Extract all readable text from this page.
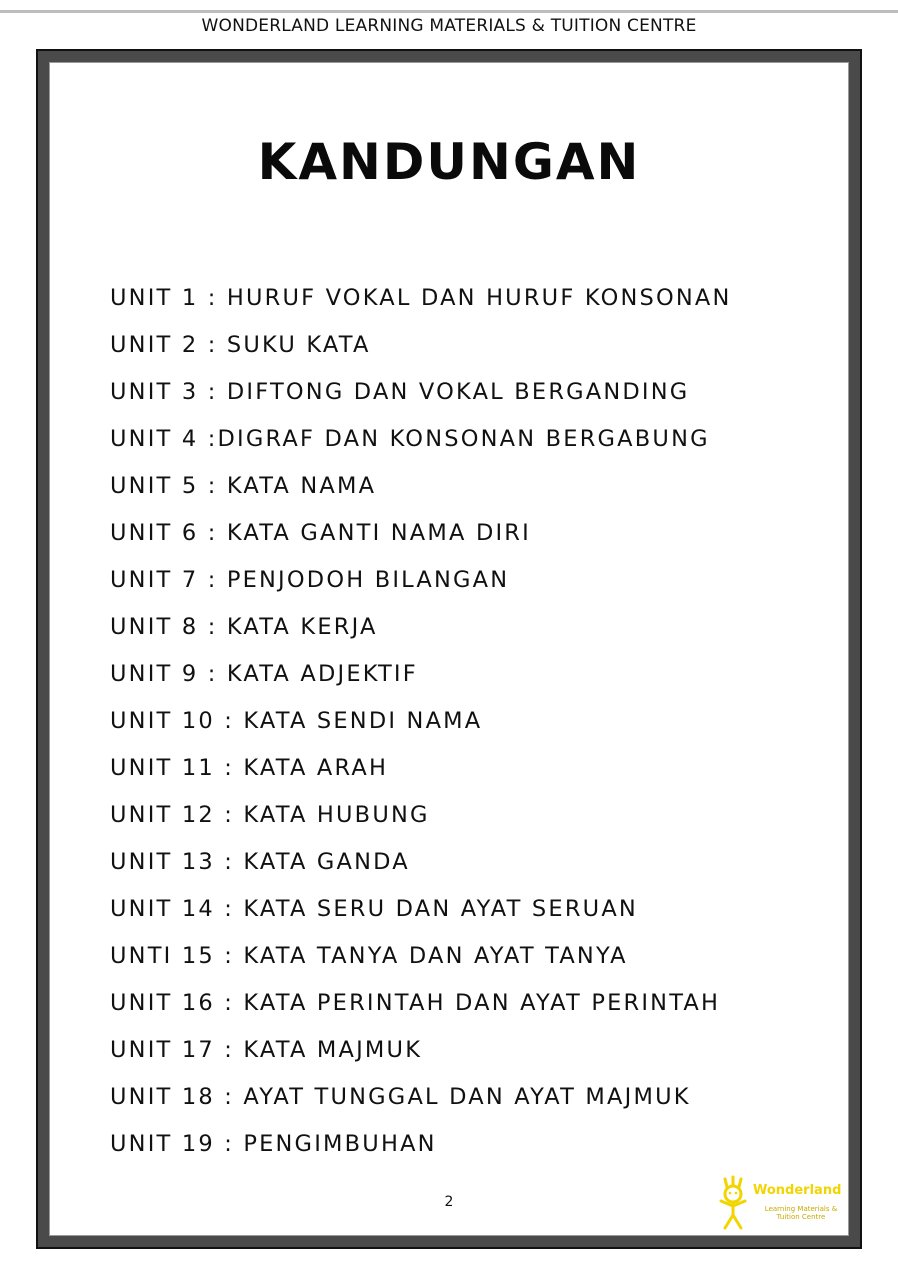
WONDERLAND LEARNING MATERIALS & TUITION CENTRE
KANDUNGAN
UNIT 1 : HURUF VOKAL DAN HURUF KONSONAN
UNIT 2 : SUKU KATA
UNIT 3 : DIFTONG DAN VOKAL BERGANDING
UNIT 4 :DIGRAF DAN KONSONAN BERGABUNG
UNIT 5 : KATA NAMA
UNIT 6 : KATA GANTI NAMA DIRI
UNIT 7 : PENJODOH BILANGAN
UNIT 8 : KATA KERJA
UNIT 9 : KATA ADJEKTIF
UNIT 10 : KATA SENDI NAMA
UNIT 11 : KATA ARAH
UNIT 12 : KATA HUBUNG
UNIT 13 : KATA GANDA
UNIT 14 : KATA SERU DAN AYAT SERUAN
UNTI 15 : KATA TANYA DAN AYAT TANYA
UNIT 16 : KATA PERINTAH DAN AYAT PERINTAH
UNIT 17 : KATA MAJMUK
UNIT 18 : AYAT TUNGGAL DAN AYAT MAJMUK
UNIT 19 : PENGIMBUHAN
2
Wonderland
Learning Materials & Tuition Centre
